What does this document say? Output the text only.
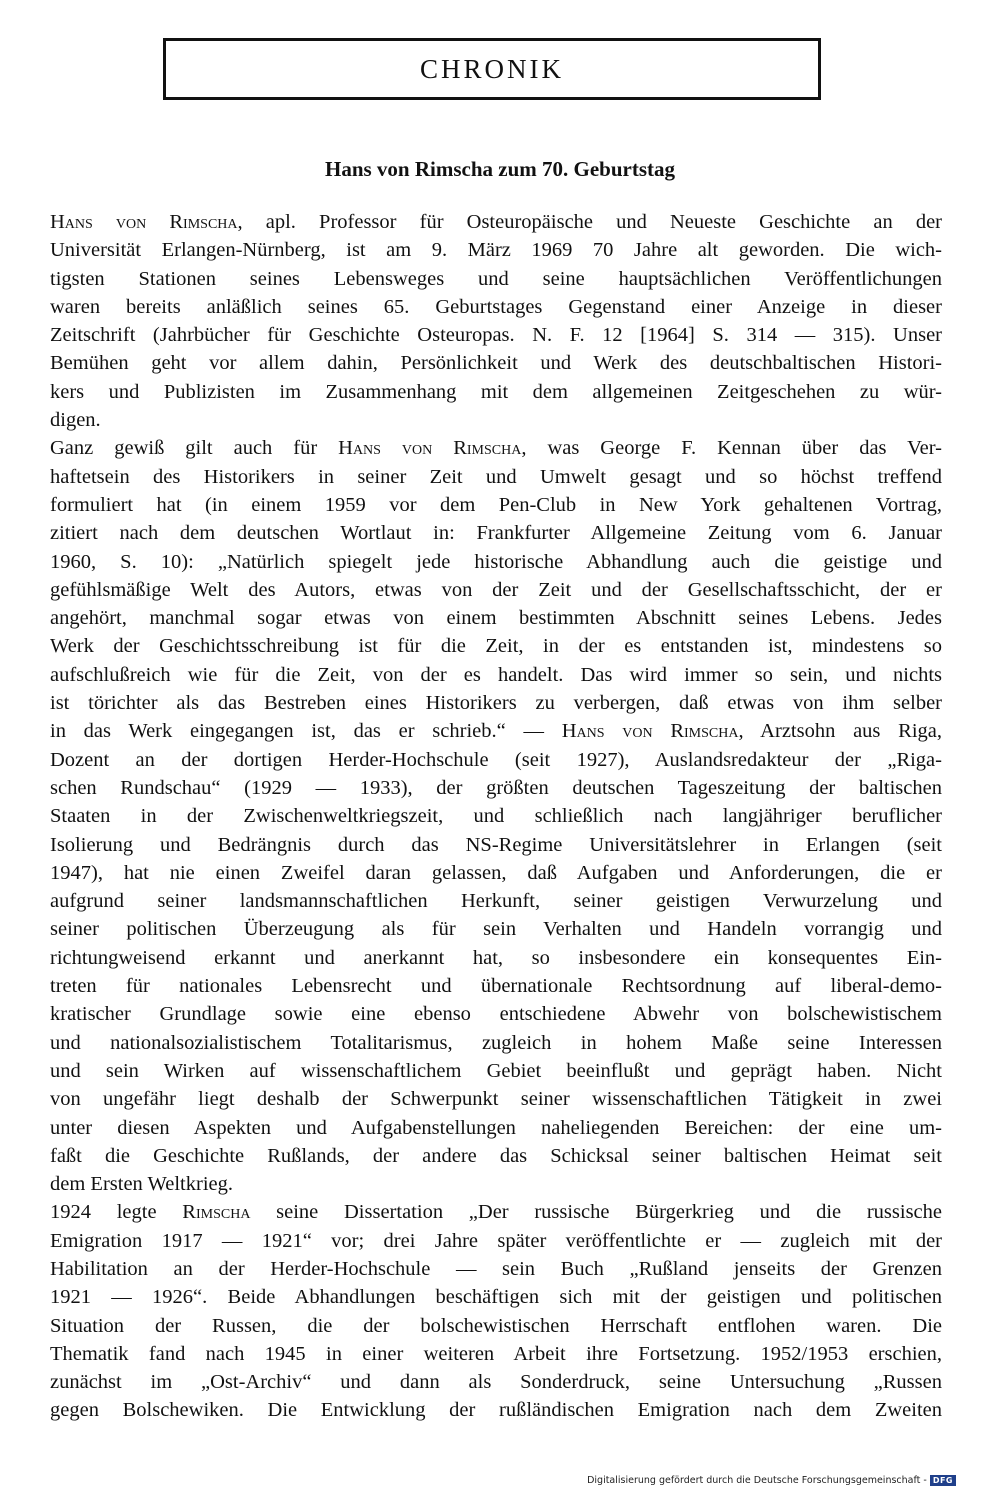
CHRONIK
Hans von Rimscha zum 70. Geburtstag
Hans von Rimscha, apl. Professor für Osteuropäische und Neueste Geschichte an der
Universität Erlangen-Nürnberg, ist am 9. März 1969 70 Jahre alt geworden. Die wich-
tigsten Stationen seines Lebensweges und seine hauptsächlichen Veröffentlichungen
waren bereits anläßlich seines 65. Geburtstages Gegenstand einer Anzeige in dieser
Zeitschrift (Jahrbücher für Geschichte Osteuropas. N. F. 12 [1964] S. 314 — 315). Unser
Bemühen geht vor allem dahin, Persönlichkeit und Werk des deutschbaltischen Histori-
kers und Publizisten im Zusammenhang mit dem allgemeinen Zeitgeschehen zu wür-
digen.
Ganz gewiß gilt auch für Hans von Rimscha, was George F. Kennan über das Ver-
haftetsein des Historikers in seiner Zeit und Umwelt gesagt und so höchst treffend
formuliert hat (in einem 1959 vor dem Pen-Club in New York gehaltenen Vortrag,
zitiert nach dem deutschen Wortlaut in: Frankfurter Allgemeine Zeitung vom 6. Januar
1960, S. 10): „Natürlich spiegelt jede historische Abhandlung auch die geistige und
gefühlsmäßige Welt des Autors, etwas von der Zeit und der Gesellschaftsschicht, der er
angehört, manchmal sogar etwas von einem bestimmten Abschnitt seines Lebens. Jedes
Werk der Geschichtsschreibung ist für die Zeit, in der es entstanden ist, mindestens so
aufschlußreich wie für die Zeit, von der es handelt. Das wird immer so sein, und nichts
ist törichter als das Bestreben eines Historikers zu verbergen, daß etwas von ihm selber
in das Werk eingegangen ist, das er schrieb.“ — Hans von Rimscha, Arztsohn aus Riga,
Dozent an der dortigen Herder-Hochschule (seit 1927), Auslandsredakteur der „Riga-
schen Rundschau“ (1929 — 1933), der größten deutschen Tageszeitung der baltischen
Staaten in der Zwischenweltkriegszeit, und schließlich nach langjähriger beruflicher
Isolierung und Bedrängnis durch das NS-Regime Universitätslehrer in Erlangen (seit
1947), hat nie einen Zweifel daran gelassen, daß Aufgaben und Anforderungen, die er
aufgrund seiner landsmannschaftlichen Herkunft, seiner geistigen Verwurzelung und
seiner politischen Überzeugung als für sein Verhalten und Handeln vorrangig und
richtungweisend erkannt und anerkannt hat, so insbesondere ein konsequentes Ein-
treten für nationales Lebensrecht und übernationale Rechtsordnung auf liberal-demo-
kratischer Grundlage sowie eine ebenso entschiedene Abwehr von bolschewistischem
und nationalsozialistischem Totalitarismus, zugleich in hohem Maße seine Interessen
und sein Wirken auf wissenschaftlichem Gebiet beeinflußt und geprägt haben. Nicht
von ungefähr liegt deshalb der Schwerpunkt seiner wissenschaftlichen Tätigkeit in zwei
unter diesen Aspekten und Aufgabenstellungen naheliegenden Bereichen: der eine um-
faßt die Geschichte Rußlands, der andere das Schicksal seiner baltischen Heimat seit
dem Ersten Weltkrieg.
1924 legte Rimscha seine Dissertation „Der russische Bürgerkrieg und die russische
Emigration 1917 — 1921“ vor; drei Jahre später veröffentlichte er — zugleich mit der
Habilitation an der Herder-Hochschule — sein Buch „Rußland jenseits der Grenzen
1921 — 1926“. Beide Abhandlungen beschäftigen sich mit der geistigen und politischen
Situation der Russen, die der bolschewistischen Herrschaft entflohen waren. Die
Thematik fand nach 1945 in einer weiteren Arbeit ihre Fortsetzung. 1952/1953 erschien,
zunächst im „Ost-Archiv“ und dann als Sonderdruck, seine Untersuchung „Russen
gegen Bolschewiken. Die Entwicklung der rußländischen Emigration nach dem Zweiten
Digitalisierung gefördert durch die Deutsche Forschungsgemeinschaft - DFG
